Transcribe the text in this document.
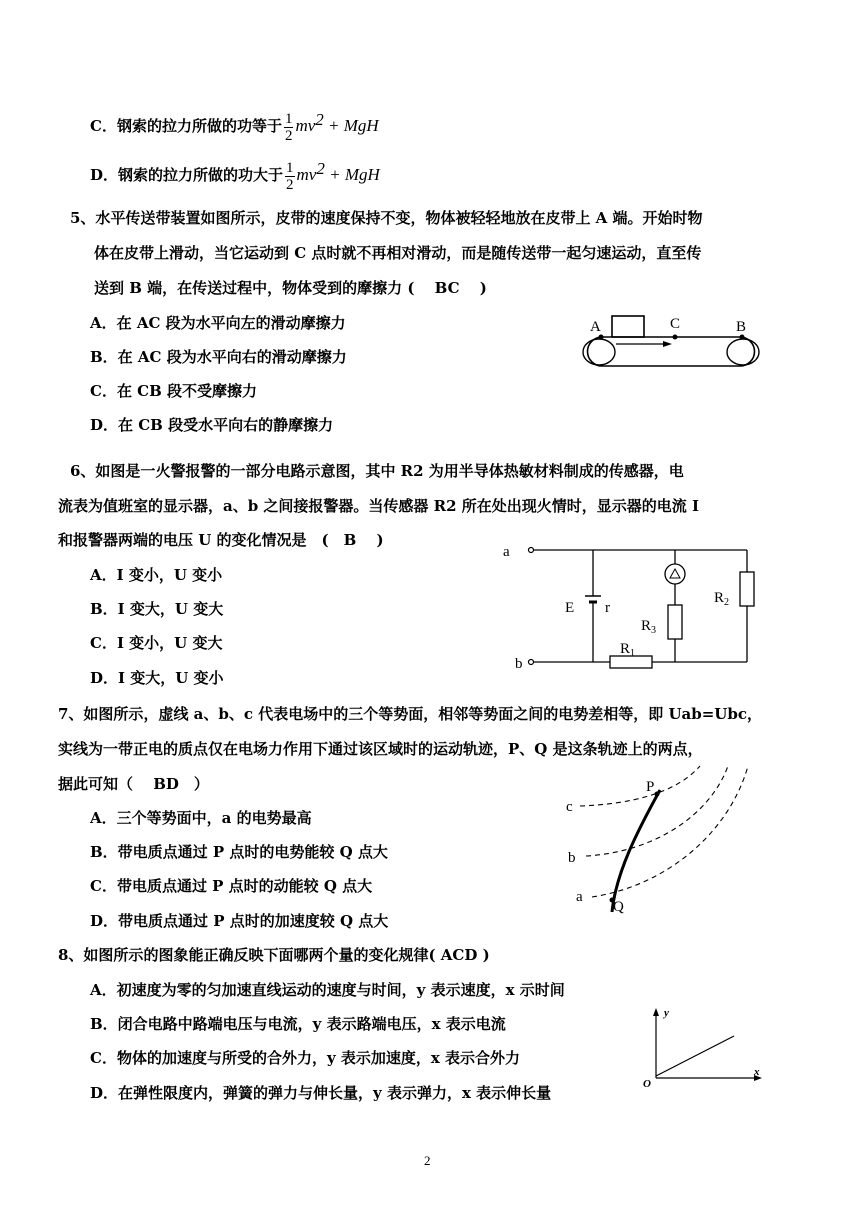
C．钢索的拉力所做的功等于 $\frac{1}{2} mv^2$ + MgH
D．钢索的拉力所做的功大于 $\frac{1}{2} mv^2$ + MgH
5、水平传送带装置如图所示，皮带的速度保持不变，物体被轻轻地放在皮带上 A 端。开始时物
体在皮带上滑动，当它运动到 C 点时就不再相对滑动，而是随传送带一起匀速运动，直至传
送到 B 端，在传送过程中，物体受到的摩擦力 (　 BC 　)
A．在 AC 段为水平向左的滑动摩擦力
B．在 AC 段为水平向右的滑动摩擦力
C．在 CB 段不受摩擦力
D．在 CB 段受水平向右的静摩擦力
A	C	B
6、如图是一火警报警的一部分电路示意图，其中 R2 为用半导体热敏材料制成的传感器，电
流表为值班室的显示器，a、b 之间接报警器。当传感器 R2 所在处出现火情时，显示器的电流 I
和报警器两端的电压 U 的变化情况是　(　B　 )
A．I 变小，U 变小
B．I 变大，U 变大
C．I 变小，U 变大
D．I 变大，U 变小
a
b
E r
$R_1$
$R_3$
$R_2$
7、如图所示，虚线 a、b、c 代表电场中的三个等势面，相邻等势面之间的电势差相等，即 Uab=Ubc，
实线为一带正电的质点仅在电场力作用下通过该区域时的运动轨迹，P、Q 是这条轨迹上的两点，
据此可知（　 BD　）
A．三个等势面中，a 的电势最高
B．带电质点通过 P 点时的电势能较 Q 点大
C．带电质点通过 P 点时的动能较 Q 点大
D．带电质点通过 P 点时的加速度较 Q 点大
c
b
a
P
Q
8、如图所示的图象能正确反映下面哪两个量的变化规律( ACD )
A．初速度为零的匀加速直线运动的速度与时间，y 表示速度，x 示时间
B．闭合电路中路端电压与电流，y 表示路端电压，x 表示电流
C．物体的加速度与所受的合外力，y 表示加速度，x 表示合外力
D．在弹性限度内，弹簧的弹力与伸长量，y 表示弹力，x 表示伸长量
y
x
O
2
